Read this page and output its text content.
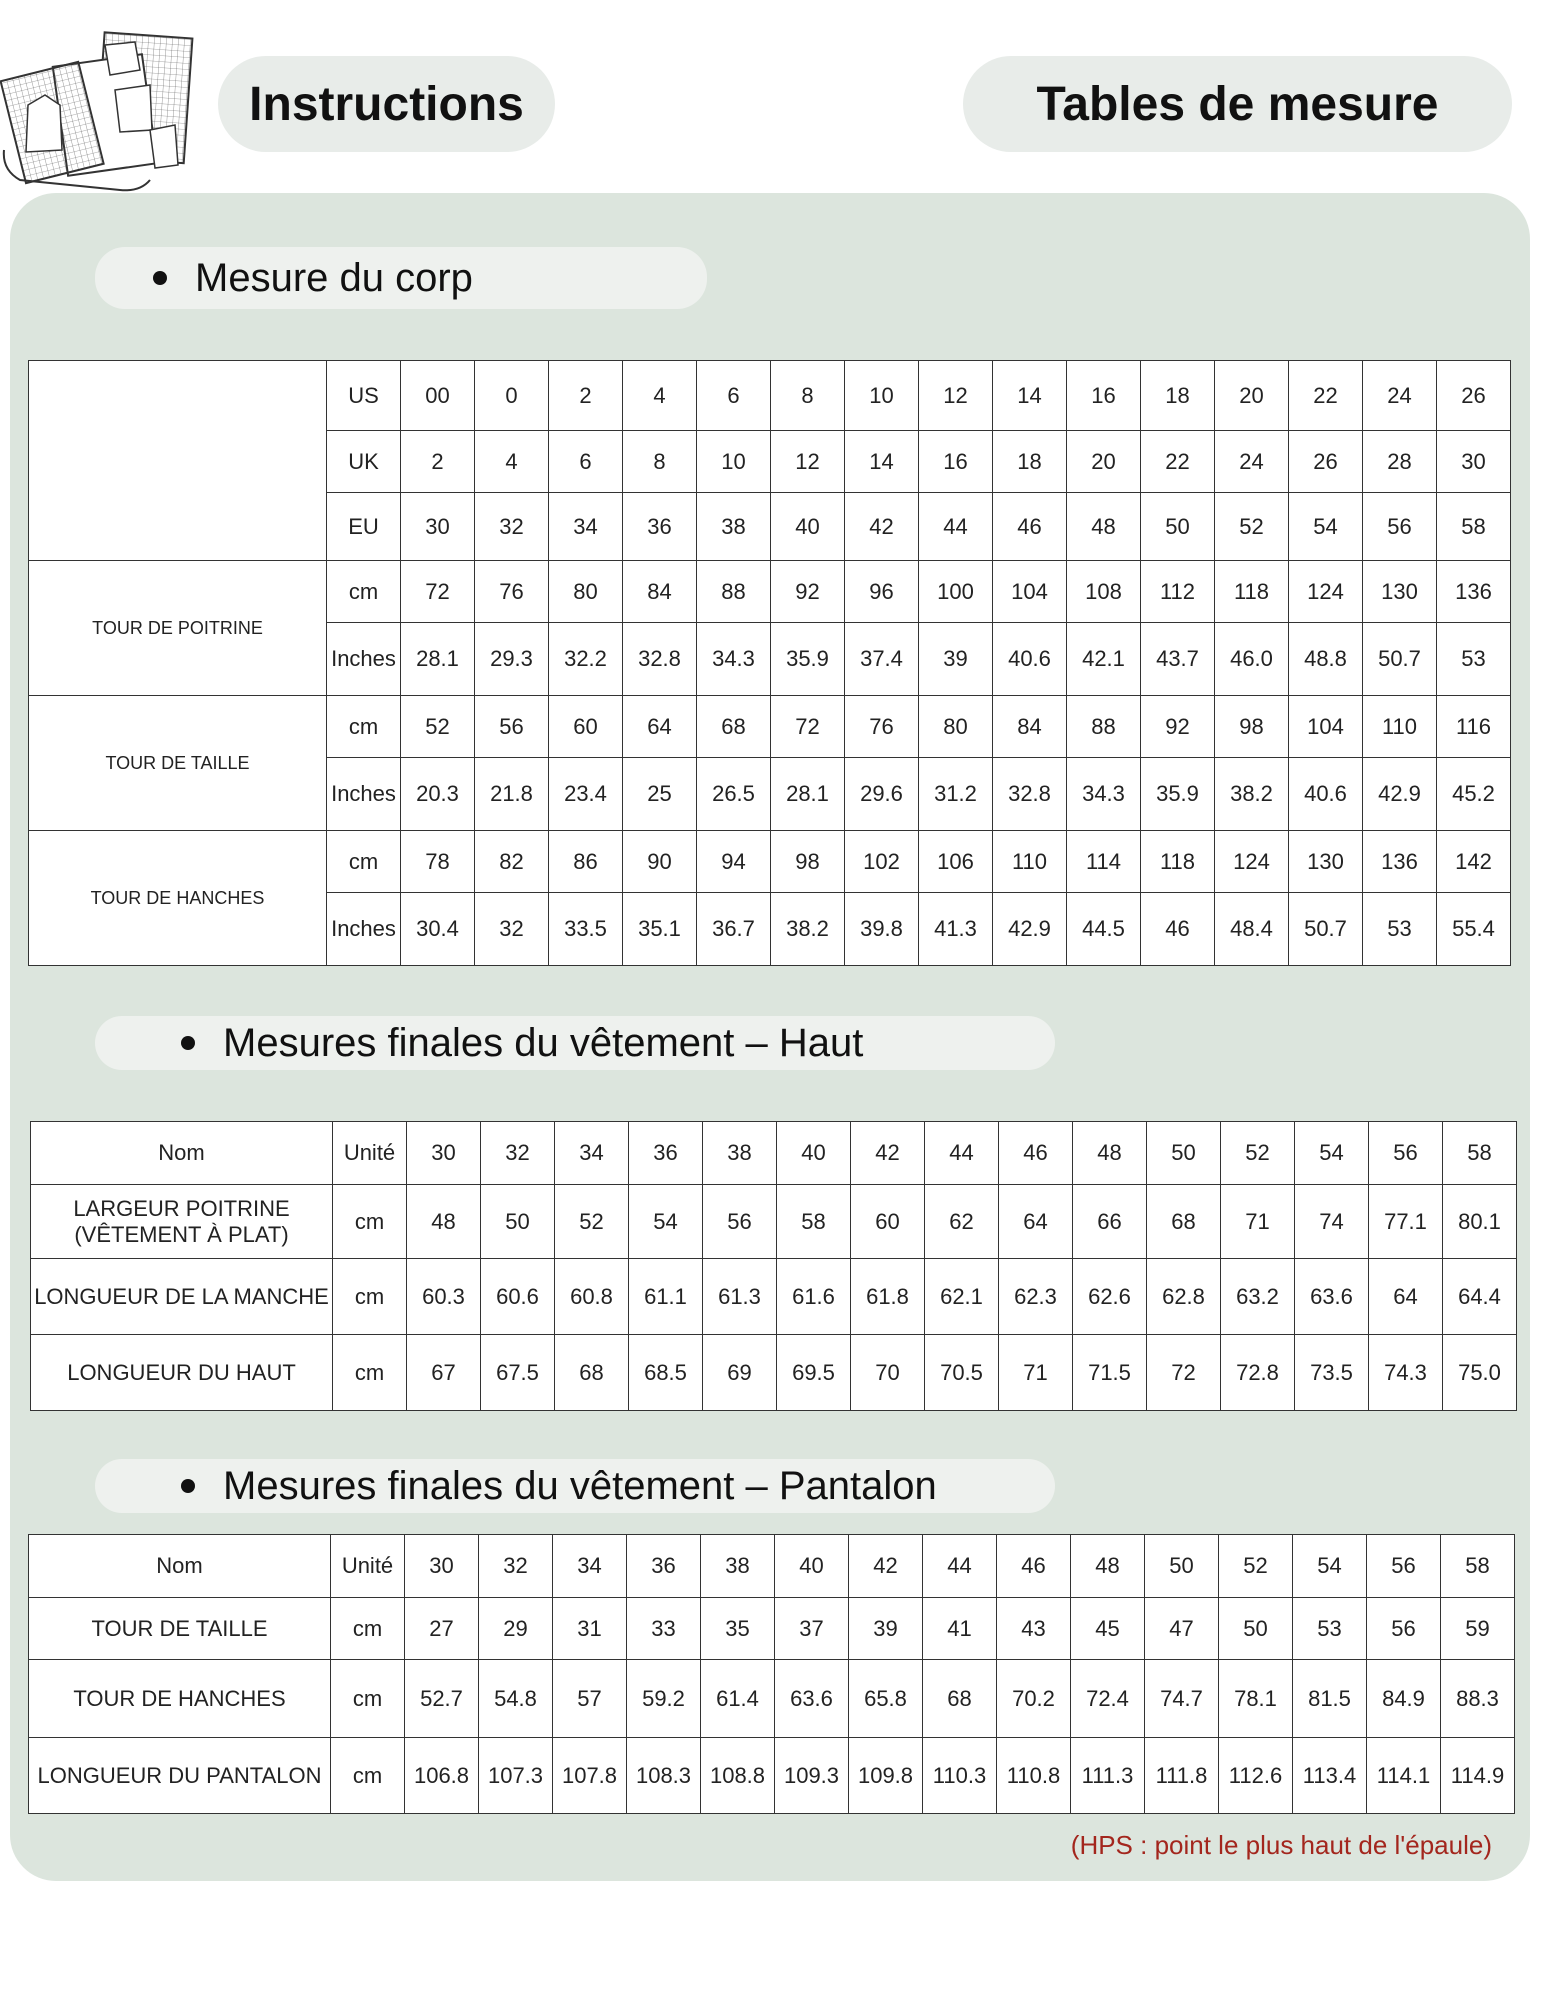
Instructions	Tables de mesure
Mesure du corp
	US	00	0	2	4	6	8	10	12	14	16	18	20	22	24	26
	UK	2	4	6	8	10	12	14	16	18	20	22	24	26	28	30
	EU	30	32	34	36	38	40	42	44	46	48	50	52	54	56	58
TOUR DE POITRINE	cm	72	76	80	84	88	92	96	100	104	108	112	118	124	130	136
	Inches	28.1	29.3	32.2	32.8	34.3	35.9	37.4	39	40.6	42.1	43.7	46.0	48.8	50.7	53
TOUR DE TAILLE	cm	52	56	60	64	68	72	76	80	84	88	92	98	104	110	116
	Inches	20.3	21.8	23.4	25	26.5	28.1	29.6	31.2	32.8	34.3	35.9	38.2	40.6	42.9	45.2
TOUR DE HANCHES	cm	78	82	86	90	94	98	102	106	110	114	118	124	130	136	142
	Inches	30.4	32	33.5	35.1	36.7	38.2	39.8	41.3	42.9	44.5	46	48.4	50.7	53	55.4
Mesures finales du vêtement – Haut
Nom	Unité	30	32	34	36	38	40	42	44	46	48	50	52	54	56	58
LARGEUR POITRINE (VÊTEMENT À PLAT)	cm	48	50	52	54	56	58	60	62	64	66	68	71	74	77.1	80.1
LONGUEUR DE LA MANCHE	cm	60.3	60.6	60.8	61.1	61.3	61.6	61.8	62.1	62.3	62.6	62.8	63.2	63.6	64	64.4
LONGUEUR DU HAUT	cm	67	67.5	68	68.5	69	69.5	70	70.5	71	71.5	72	72.8	73.5	74.3	75.0
Mesures finales du vêtement – Pantalon
Nom	Unité	30	32	34	36	38	40	42	44	46	48	50	52	54	56	58
TOUR DE TAILLE	cm	27	29	31	33	35	37	39	41	43	45	47	50	53	56	59
TOUR DE HANCHES	cm	52.7	54.8	57	59.2	61.4	63.6	65.8	68	70.2	72.4	74.7	78.1	81.5	84.9	88.3
LONGUEUR DU PANTALON	cm	106.8	107.3	107.8	108.3	108.8	109.3	109.8	110.3	110.8	111.3	111.8	112.6	113.4	114.1	114.9
(HPS : point le plus haut de l'épaule)
